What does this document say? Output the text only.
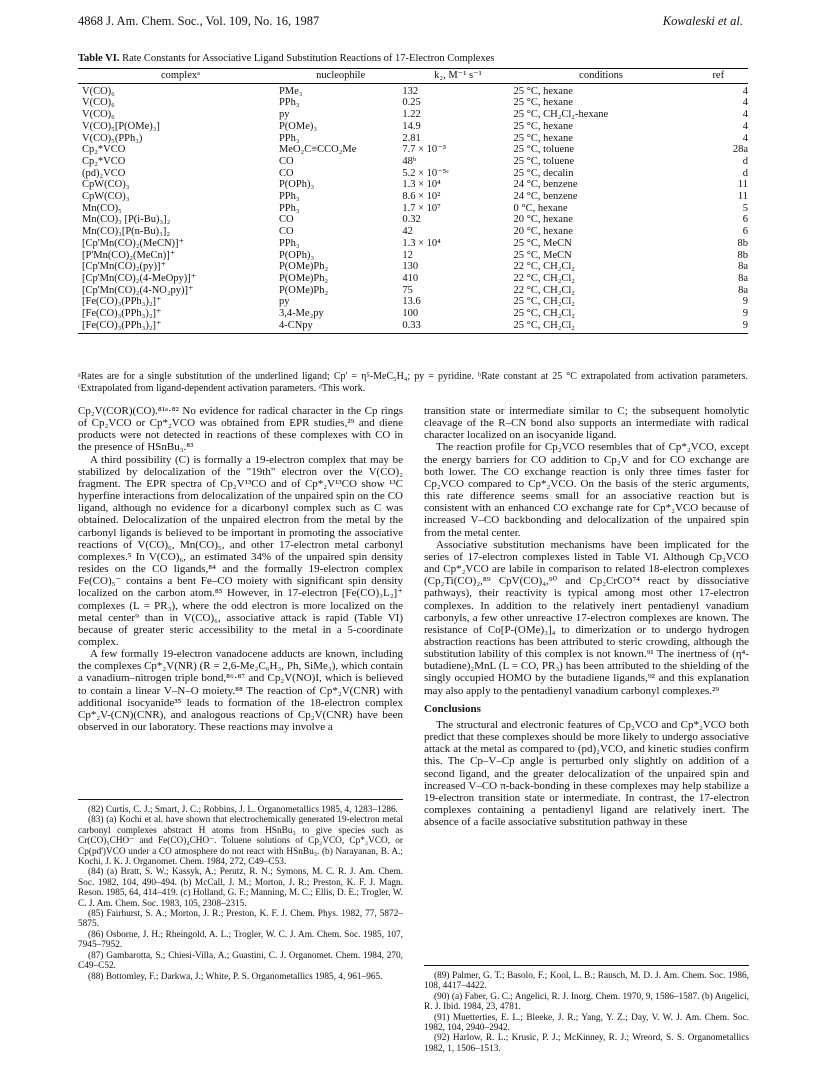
4868 J. Am. Chem. Soc., Vol. 109, No. 16, 1987	Kowaleski et al.
Table VI. Rate Constants for Associative Ligand Substitution Reactions of 17-Electron Complexes
complexᵃ	nucleophile	k₂, M⁻¹ s⁻¹	conditions	ref
V(CO)₆	PMe₃	132	25 °C, hexane	4
V(CO)₆	PPh₃	0.25	25 °C, hexane	4
V(CO)₆	py	1.22	25 °C, CH₂Cl₂-hexane	4
V(CO)₅[P(OMe)₃]	P(OMe)₃	14.9	25 °C, hexane	4
V(CO)₅(PPh₃)	PPh₃	2.81	25 °C, hexane	4
Cp₂*VCO	MeO₂C≡CCO₂Me	7.7 × 10⁻³	25 °C, toluene	28a
Cp₂*VCO	CO	48ᵇ	25 °C, toluene	d
(pd)₂VCO	CO	5.2 × 10⁻⁵ᶜ	25 °C, decalin	d
CpW(CO)₃	P(OPh)₃	1.3 × 10⁴	24 °C, benzene	11
CpW(CO)₃	PPh₃	8.6 × 10²	24 °C, benzene	11
Mn(CO)₅	PPh₃	1.7 × 10⁷	0 °C, hexane	5
Mn(CO)₃ [P(i-Bu)₃]₂	CO	0.32	20 °C, hexane	6
Mn(CO)₃[P(n-Bu)₃]₂	CO	42	20 °C, hexane	6
[Cp'Mn(CO)₂(MeCN)]⁺	PPh₃	1.3 × 10⁴	25 °C, MeCN	8b
[P'Mn(CO)₂(MeCn)]⁺	P(OPh)₃	12	25 °C, MeCN	8b
[Cp'Mn(CO)₂(py)]⁺	P(OMe)Ph₂	130	22 °C, CH₂Cl₂	8a
[Cp'Mn(CO)₂(4-MeOpy)]⁺	P(OMe)Ph₂	410	22 °C, CH₂Cl₂	8a
[Cp'Mn(CO)₂(4-NO₂py)]⁺	P(OMe)Ph₂	75	22 °C, CH₂Cl₂	8a
[Fe(CO)₃(PPh₃)₂]⁺	py	13.6	25 °C, CH₂Cl₂	9
[Fe(CO)₃(PPh₃)₂]⁺	3,4-Me₂py	100	25 °C, CH₂Cl₂	9
[Fe(CO)₃(PPh₃)₂]⁺	4-CNpy	0.33	25 °C, CH₂Cl₂	9
ᵃRates are for a single substitution of the underlined ligand; Cp' = η⁵-MeC₅H₄; py = pyridine. ᵇRate constant at 25 °C extrapolated from activation parameters. ᶜExtrapolated from ligand-dependent activation parameters. ᵈThis work.

Cp₂V(COR)(CO).⁸¹ᵃ·⁸² No evidence for radical character in the Cp rings of Cp₂VCO or Cp*₂VCO was obtained from EPR studies,²⁹ and diene products were not detected in reactions of these complexes with CO in the presence of HSnBu₃.⁸³

A third possibility (C) is formally a 19-electron complex that may be stabilized by delocalization of the "19th" electron over the V(CO)₂ fragment. The EPR spectra of Cp₂V¹³CO and of Cp*₂V¹³CO show ¹³C hyperfine interactions from delocalization of the unpaired spin on the CO ligand, although no evidence for a dicarbonyl complex such as C was obtained. Delocalization of the unpaired electron from the metal by the carbonyl ligands is believed to be important in promoting the associative reactions of V(CO)₆, Mn(CO)₅, and other 17-electron metal carbonyl complexes.⁵ In V(CO)₆, an estimated 34% of the unpaired spin density resides on the CO ligands,⁸⁴ and the formally 19-electron complex Fe(CO)₅⁻ contains a bent Fe–CO moiety with significant spin density localized on the carbon atom.⁸⁵ However, in 17-electron [Fe(CO)₃L₂]⁺ complexes (L = PR₃), where the odd electron is more localized on the metal center⁹ than in V(CO)₆, associative attack is rapid (Table VI) because of greater steric accessibility to the metal in a 5-coordinate complex.

A few formally 19-electron vanadocene adducts are known, including the complexes Cp*₂V(NR) (R = 2,6-Me₂C₆H₃, Ph, SiMe₃), which contain a vanadium–nitrogen triple bond,⁸⁶·⁸⁷ and Cp₂V(NO)I, which is believed to contain a linear V–N–O moiety.⁸⁸ The reaction of Cp*₂V(CNR) with additional isocyanide³⁵ leads to formation of the 18-electron complex Cp*₂V-(CN)(CNR), and analogous reactions of Cp₂V(CNR) have been observed in our laboratory. These reactions may involve a

(82) Curtis, C. J.; Smart, J. C.; Robbins, J. L. Organometallics 1985, 4, 1283–1286.
(83) (a) Kochi et al. have shown that electrochemically generated 19-electron metal carbonyl complexes abstract H atoms from HSnBu₃ to give species such as Cr(CO)₅CHO⁻ and Fe(CO)₄CHO⁻. Toluene solutions of Cp₂VCO, Cp*₂VCO, or Cp(pd')VCO under a CO atmosphere do not react with HSnBu₃. (b) Narayanan, B. A.; Kochi, J. K. J. Organomet. Chem. 1984, 272, C49–C53.
(84) (a) Bratt, S. W.; Kassyk, A.; Perutz, R. N.; Symons, M. C. R. J. Am. Chem. Soc. 1982, 104, 490–494. (b) McCall, J. M.; Morton, J. R.; Preston, K. F. J. Magn. Reson. 1985, 64, 414–419. (c) Holland, G. F.; Manning, M. C.; Ellis, D. E.; Trogler, W. C. J. Am. Chem. Soc. 1983, 105, 2308–2315.
(85) Fairhurst, S. A.; Morton, J. R.; Preston, K. F. J. Chem. Phys. 1982, 77, 5872–5875.
(86) Osborne, J. H.; Rheingold, A. L.; Trogler, W. C. J. Am. Chem. Soc. 1985, 107, 7945–7952.
(87) Gambarotta, S.; Chiesi-Villa, A.; Guastini, C. J. Organomet. Chem. 1984, 270, C49–C52.
(88) Bottomley, F.; Darkwa, J.; White, P. S. Organometallics 1985, 4, 961–965.

transition state or intermediate similar to C; the subsequent homolytic cleavage of the R–CN bond also supports an intermediate with radical character localized on an isocyanide ligand.

The reaction profile for Cp₂VCO resembles that of Cp*₂VCO, except the energy barriers for CO addition to Cp₂V and for CO exchange are both lower. The CO exchange reaction is only three times faster for Cp₂VCO compared to Cp*₂VCO. On the basis of the steric arguments, this rate difference seems small for an associative reaction but is consistent with an enhanced CO exchange rate for Cp*₂VCO because of increased V–CO backbonding and delocalization of the unpaired spin from the metal center.

Associative substitution mechanisms have been implicated for the series of 17-electron complexes listed in Table VI. Although Cp₂VCO and Cp*₂VCO are labile in comparison to related 18-electron complexes (Cp₂Ti(CO)₂,⁸⁹ CpV(CO)₄,⁹⁰ and Cp₂CrCO⁷⁴ react by dissociative pathways), their reactivity is typical among most other 17-electron complexes. In addition to the relatively inert pentadienyl vanadium carbonyls, a few other unreactive 17-electron complexes are known. The resistance of Co[P-(OMe)₃]₄ to dimerization or to undergo hydrogen abstraction reactions has been attributed to steric crowding, although the substitution lability of this complex is not known.⁹¹ The inertness of (η⁴-butadiene)₂MnL (L = CO, PR₃) has been attributed to the shielding of the singly occupied HOMO by the butadiene ligands,⁹² and this explanation may also apply to the pentadienyl vanadium carbonyl complexes.²⁹

Conclusions

The structural and electronic features of Cp₂VCO and Cp*₂VCO both predict that these complexes should be more likely to undergo associative attack at the metal as compared to (pd)₂VCO, and kinetic studies confirm this. The Cp–V–Cp angle is perturbed only slightly on addition of a second ligand, and the greater delocalization of the unpaired spin and increased V–CO π-back-bonding in these complexes may help stabilize a 19-electron transition state or intermediate. In contrast, the 17-electron complexes containing a pentadienyl ligand are relatively inert. The absence of a facile associative substitution pathway in these

(89) Palmer, G. T.; Basolo, F.; Kool, L. B.; Rausch, M. D. J. Am. Chem. Soc. 1986, 108, 4417–4422.
(90) (a) Faber, G. C.; Angelici, R. J. Inorg. Chem. 1970, 9, 1586–1587. (b) Angelici, R. J. Ibid. 1984, 23, 4781.
(91) Muetterties, E. L.; Bleeke, J. R.; Yang, Y. Z.; Day, V. W. J. Am. Chem. Soc. 1982, 104, 2940–2942.
(92) Harlow, R. L.; Krusic, P. J.; McKinney, R. J.; Wreord, S. S. Organometallics 1982, 1, 1506–1513.
